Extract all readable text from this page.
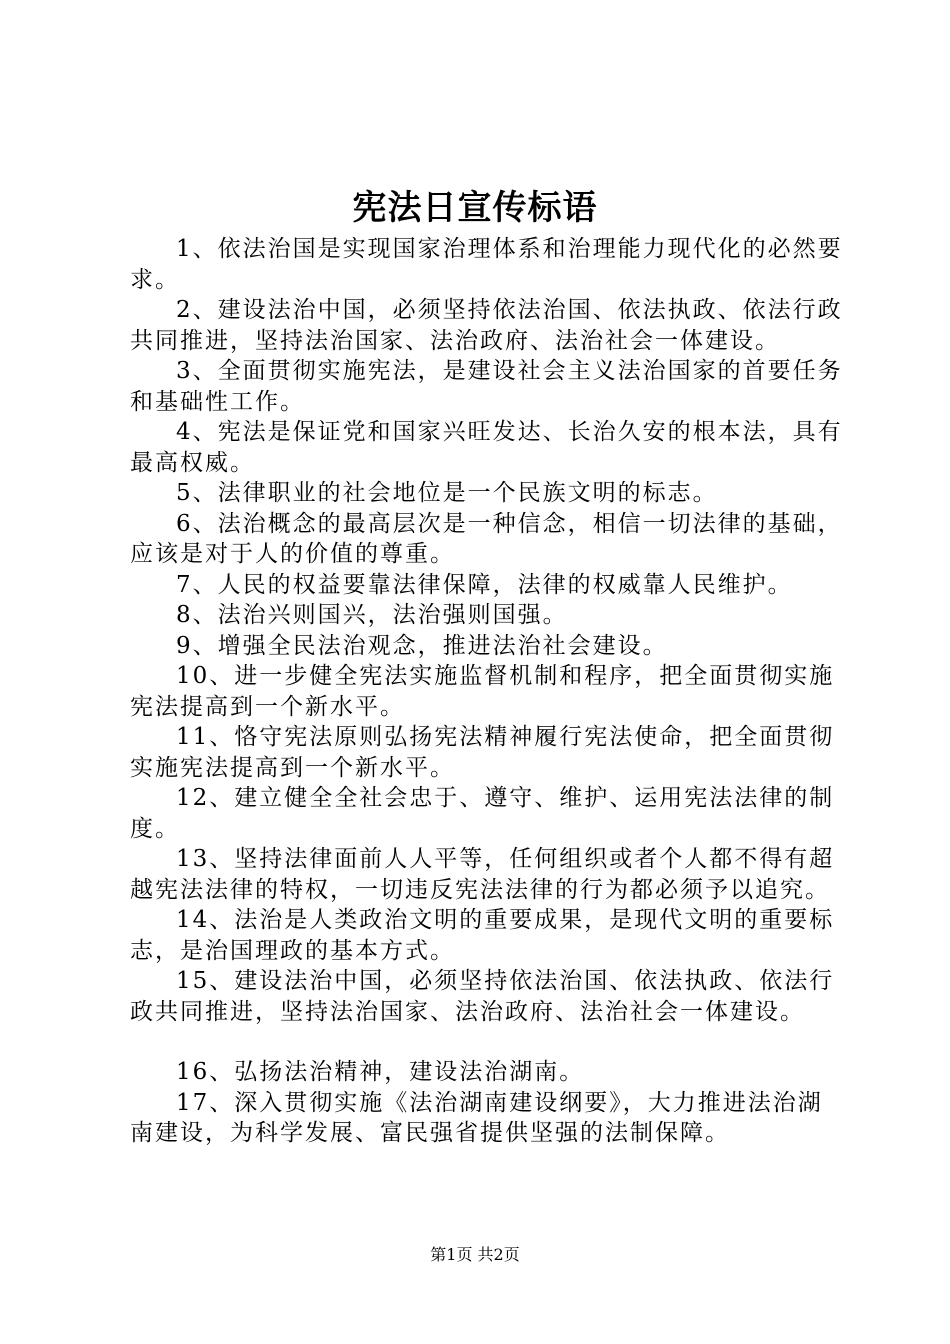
宪法日宣传标语

1、依法治国是实现国家治理体系和治理能力现代化的必然要求。

2、建设法治中国，必须坚持依法治国、依法执政、依法行政共同推进，坚持法治国家、法治政府、法治社会一体建设。

3、全面贯彻实施宪法，是建设社会主义法治国家的首要任务和基础性工作。

4、宪法是保证党和国家兴旺发达、长治久安的根本法，具有最高权威。

5、法律职业的社会地位是一个民族文明的标志。

6、法治概念的最高层次是一种信念，相信一切法律的基础，应该是对于人的价值的尊重。

7、人民的权益要靠法律保障，法律的权威靠人民维护。

8、法治兴则国兴，法治强则国强。

9、增强全民法治观念，推进法治社会建设。

10、进一步健全宪法实施监督机制和程序，把全面贯彻实施宪法提高到一个新水平。

11、恪守宪法原则弘扬宪法精神履行宪法使命，把全面贯彻实施宪法提高到一个新水平。

12、建立健全全社会忠于、遵守、维护、运用宪法法律的制度。

13、坚持法律面前人人平等，任何组织或者个人都不得有超越宪法法律的特权，一切违反宪法法律的行为都必须予以追究。

14、法治是人类政治文明的重要成果，是现代文明的重要标志，是治国理政的基本方式。

15、建设法治中国，必须坚持依法治国、依法执政、依法行政共同推进，坚持法治国家、法治政府、法治社会一体建设。

16、弘扬法治精神，建设法治湖南。

17、深入贯彻实施《法治湖南建设纲要》，大力推进法治湖南建设，为科学发展、富民强省提供坚强的法制保障。

第1页 共2页
